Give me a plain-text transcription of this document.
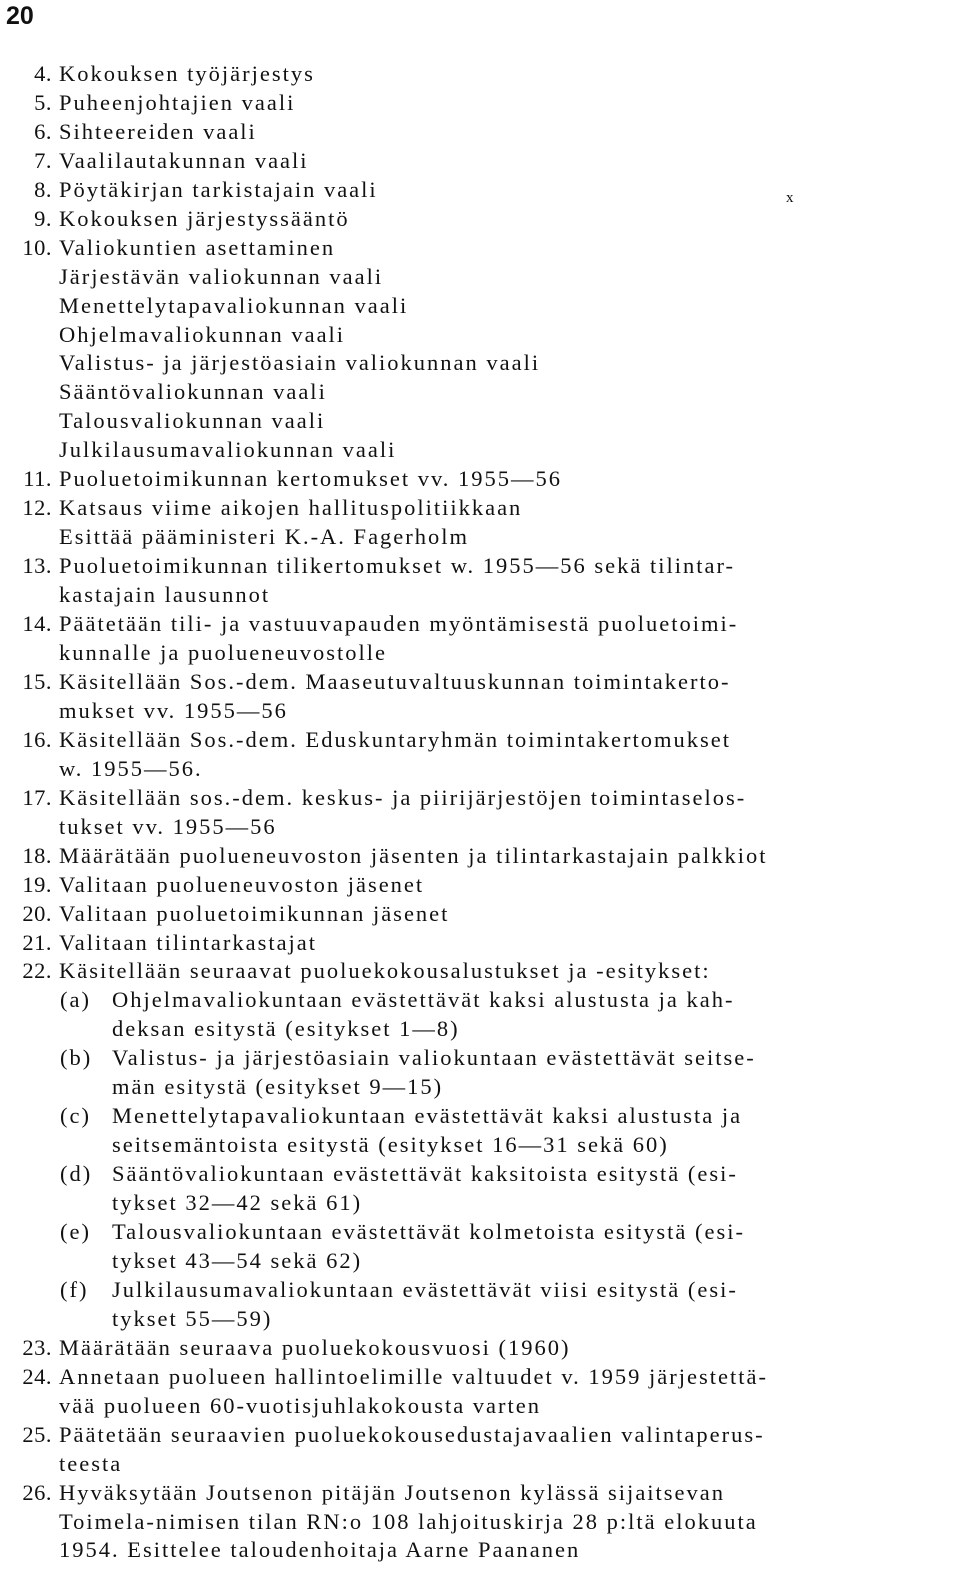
20
x
4. Kokouksen työjärjestys
5. Puheenjohtajien vaali
6. Sihteereiden vaali
7. Vaalilautakunnan vaali
8. Pöytäkirjan tarkistajain vaali
9. Kokouksen järjestyssääntö
10. Valiokuntien asettaminen
Järjestävän valiokunnan vaali
Menettelytapavaliokunnan vaali
Ohjelmavaliokunnan vaali
Valistus- ja järjestöasiain valiokunnan vaali
Sääntövaliokunnan vaali
Talousvaliokunnan vaali
Julkilausumavaliokunnan vaali
11. Puoluetoimikunnan kertomukset vv. 1955—56
12. Katsaus viime aikojen hallituspolitiikkaan
Esittää pääministeri K.-A. Fagerholm
13. Puoluetoimikunnan tilikertomukset w. 1955—56 sekä tilintar-
kastajain lausunnot
14. Päätetään tili- ja vastuuvapauden myöntämisestä puoluetoimi-
kunnalle ja puolueneuvostolle
15. Käsitellään Sos.-dem. Maaseutuvaltuuskunnan toimintakerto-
mukset vv. 1955—56
16. Käsitellään Sos.-dem. Eduskuntaryhmän toimintakertomukset
w. 1955—56.
17. Käsitellään sos.-dem. keskus- ja piirijärjestöjen toimintaselos-
tukset vv. 1955—56
18. Määrätään puolueneuvoston jäsenten ja tilintarkastajain palkkiot
19. Valitaan puolueneuvoston jäsenet
20. Valitaan puoluetoimikunnan jäsenet
21. Valitaan tilintarkastajat
22. Käsitellään seuraavat puoluekokousalustukset ja -esitykset:
(a) Ohjelmavaliokuntaan evästettävät kaksi alustusta ja kah-
deksan esitystä (esitykset 1—8)
(b) Valistus- ja järjestöasiain valiokuntaan evästettävät seitse-
män esitystä (esitykset 9—15)
(c) Menettelytapavaliokuntaan evästettävät kaksi alustusta ja
seitsemäntoista esitystä (esitykset 16—31 sekä 60)
(d) Sääntövaliokuntaan evästettävät kaksitoista esitystä (esi-
tykset 32—42 sekä 61)
(e) Talousvaliokuntaan evästettävät kolmetoista esitystä (esi-
tykset 43—54 sekä 62)
(f) Julkilausumavaliokuntaan evästettävät viisi esitystä (esi-
tykset 55—59)
23. Määrätään seuraava puoluekokousvuosi (1960)
24. Annetaan puolueen hallintoelimille valtuudet v. 1959 järjestettä-
vää puolueen 60-vuotisjuhlakokousta varten
25. Päätetään seuraavien puoluekokousedustajavaalien valintaperus-
teesta
26. Hyväksytään Joutsenon pitäjän Joutsenon kylässä sijaitsevan
Toimela-nimisen tilan RN:o 108 lahjoituskirja 28 p:ltä elokuuta
1954. Esittelee taloudenhoitaja Aarne Paananen
